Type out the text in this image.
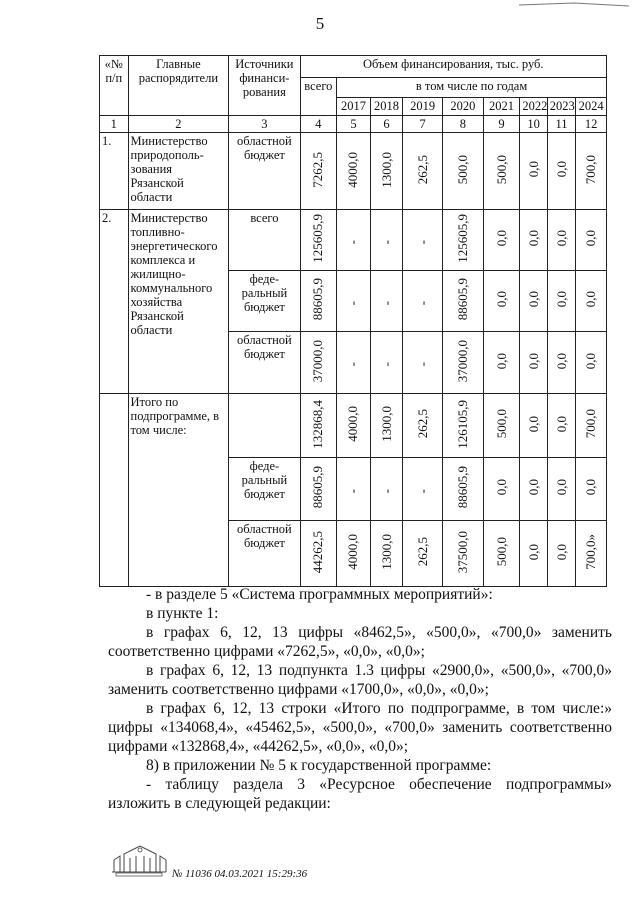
5
«№ п/п	Главные распорядители	Источники финанси-рования	Объем финансирования, тыс. руб.								
			всего	в том числе по годам							
				2017	2018	2019	2020	2021	2022	2023	2024
1	2	3	4	5	6	7	8	9	10	11	12
1.	Министерство природополь-зования Рязанской области	областной бюджет	7262,5	4000,0	1300,0	262,5	500,0	500,0	0,0	0,0	700,0
2.	Министерство топливно-энергетического комплекса и жилищно-коммунального хозяйства Рязанской области	всего	125605,9	-	-	-	125605,9	0,0	0,0	0,0	0,0
		феде-ральный бюджет	88605,9	-	-	-	88605,9	0,0	0,0	0,0	0,0
		областной бюджет	37000,0	-	-	-	37000,0	0,0	0,0	0,0	0,0
	Итого по подпрограмме, в том числе:		132868,4	4000,0	1300,0	262,5	126105,9	500,0	0,0	0,0	700,0
		феде-ральный бюджет	88605,9	-	-	-	88605,9	0,0	0,0	0,0	0,0
		областной бюджет	44262,5	4000,0	1300,0	262,5	37500,0	500,0	0,0	0,0	700,0»

- в разделе 5 «Система программных мероприятий»:

в пункте 1:

в графах 6, 12, 13 цифры «8462,5», «500,0», «700,0» заменить соответственно цифрами «7262,5», «0,0», «0,0»;

в графах 6, 12, 13 подпункта 1.3 цифры «2900,0», «500,0», «700,0» заменить соответственно цифрами «1700,0», «0,0», «0,0»;

в графах 6, 12, 13 строки «Итого по подпрограмме, в том числе:» цифры «134068,4», «45462,5», «500,0», «700,0» заменить соответственно цифрами «132868,4», «44262,5», «0,0», «0,0»;

8) в приложении № 5 к государственной программе:

- таблицу раздела 3 «Ресурсное обеспечение подпрограммы» изложить в следующей редакции:

№ 11036 04.03.2021 15:29:36
